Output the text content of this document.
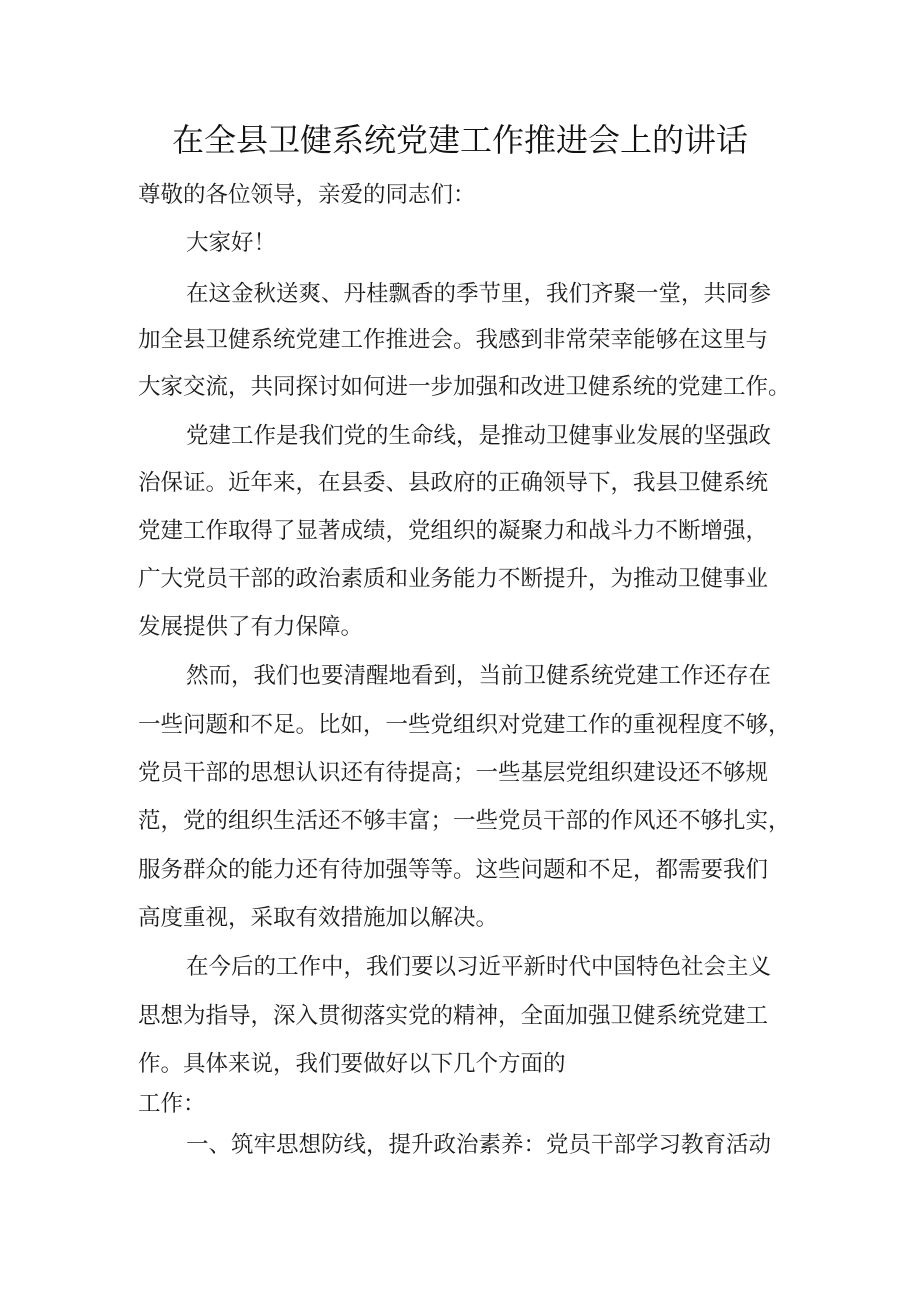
在全县卫健系统党建工作推进会上的讲话
尊敬的各位领导，亲爱的同志们：
大家好！
在这金秋送爽、丹桂飘香的季节里，我们齐聚一堂，共同参
加全县卫健系统党建工作推进会。我感到非常荣幸能够在这里与
大家交流，共同探讨如何进一步加强和改进卫健系统的党建工作。
党建工作是我们党的生命线，是推动卫健事业发展的坚强政
治保证。近年来，在县委、县政府的正确领导下，我县卫健系统
党建工作取得了显著成绩，党组织的凝聚力和战斗力不断增强，
广大党员干部的政治素质和业务能力不断提升，为推动卫健事业
发展提供了有力保障。
然而，我们也要清醒地看到，当前卫健系统党建工作还存在
一些问题和不足。比如，一些党组织对党建工作的重视程度不够，
党员干部的思想认识还有待提高；一些基层党组织建设还不够规
范，党的组织生活还不够丰富；一些党员干部的作风还不够扎实，
服务群众的能力还有待加强等等。这些问题和不足，都需要我们
高度重视，采取有效措施加以解决。
在今后的工作中，我们要以习近平新时代中国特色社会主义
思想为指导，深入贯彻落实党的精神，全面加强卫健系统党建工
作。具体来说，我们要做好以下几个方面的
工作：
一、筑牢思想防线，提升政治素养：党员干部学习教育活动
